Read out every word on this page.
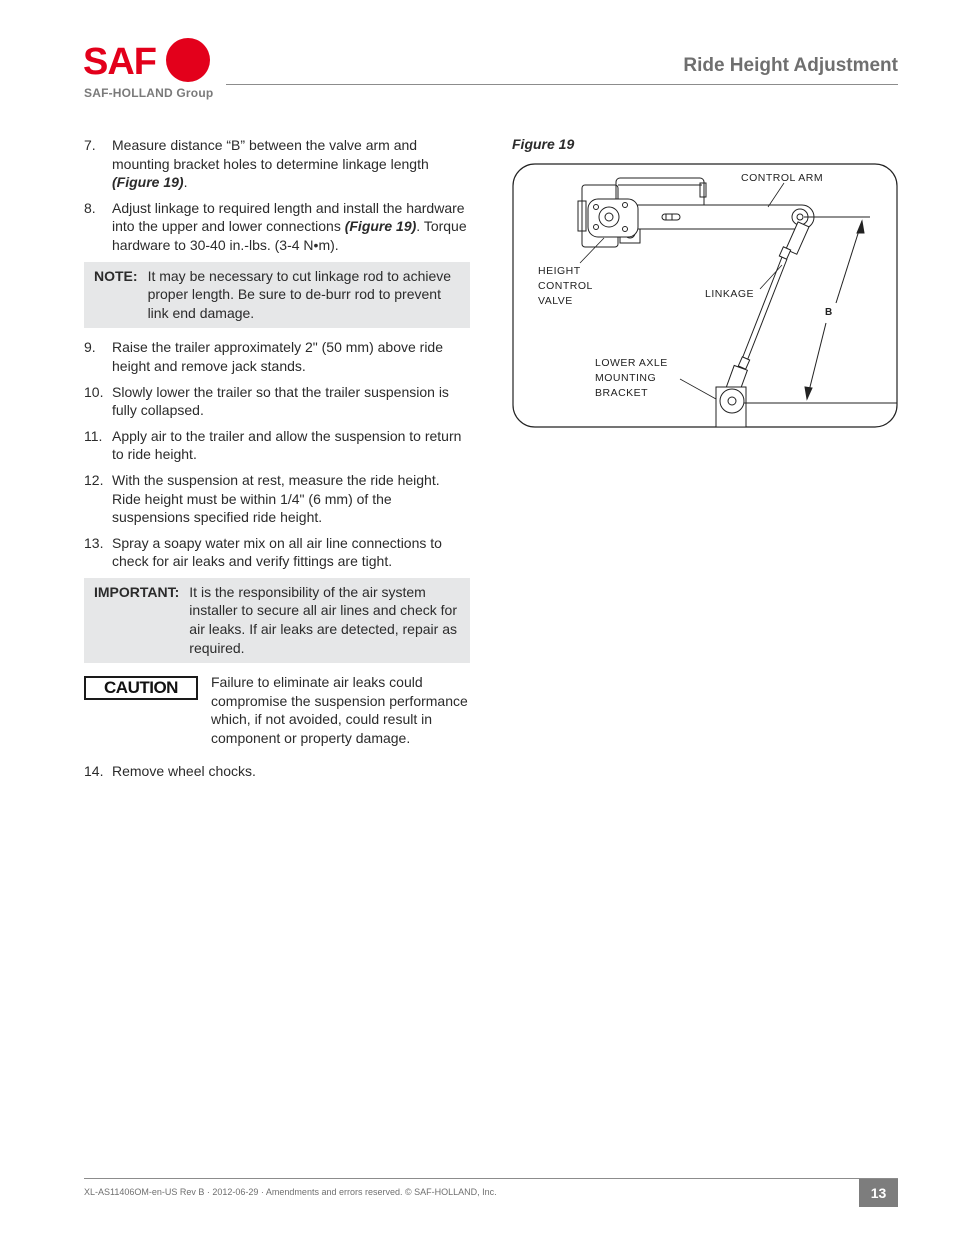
SAF
SAF-HOLLAND Group
Ride Height Adjustment
7. Measure distance “B” between the valve arm and mounting bracket holes to determine linkage length (Figure 19).
8. Adjust linkage to required length and install the hardware into the upper and lower connections (Figure 19). Torque hardware to 30-40 in.-lbs. (3-4 N•m).
NOTE: It may be necessary to cut linkage rod to achieve proper length. Be sure to de-burr rod to prevent link end damage.
9. Raise the trailer approximately 2" (50 mm) above ride height and remove jack stands.
10. Slowly lower the trailer so that the trailer suspension is fully collapsed.
11. Apply air to the trailer and allow the suspension to return to ride height.
12. With the suspension at rest, measure the ride height. Ride height must be within 1/4" (6 mm) of the suspensions specified ride height.
13. Spray a soapy water mix on all air line connections to check for air leaks and verify fittings are tight.
IMPORTANT: It is the responsibility of the air system installer to secure all air lines and check for air leaks. If air leaks are detected, repair as required.
CAUTION	Failure to eliminate air leaks could compromise the suspension performance which, if not avoided, could result in component or property damage.
14. Remove wheel chocks.
Figure 19
CONTROL ARM
HEIGHT
CONTROL
VALVE
LINKAGE
B
LOWER AXLE
MOUNTING
BRACKET
XL-AS11406OM-en-US Rev B · 2012-06-29 · Amendments and errors reserved. © SAF-HOLLAND, Inc.	13
